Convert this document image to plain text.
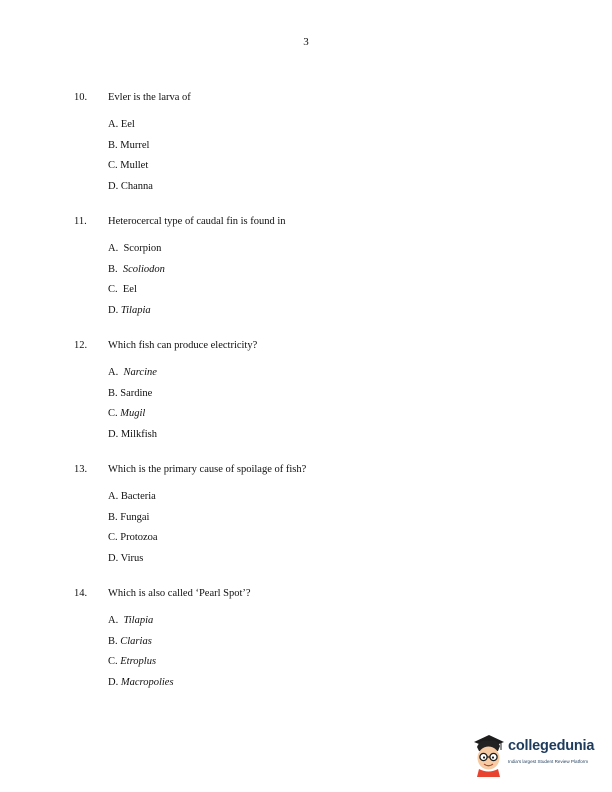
3
10.	Evler is the larva of
A. Eel
B. Murrel
C. Mullet
D. Channa
11.	Heterocercal type of caudal fin is found in
A.  Scorpion
B.  Scoliodon
C.  Eel
D. Tilapia
12.	Which fish can produce electricity?
A.  Narcine
B. Sardine
C. Mugil
D. Milkfish
13.	Which is the primary cause of spoilage of fish?
A. Bacteria
B. Fungai
C. Protozoa
D. Virus
14.	Which is also called ‘Pearl Spot’?
A.  Tilapia
B. Clarias
C. Etroplus
D. Macropolies
collegedunia
India's largest Student Review Platform
